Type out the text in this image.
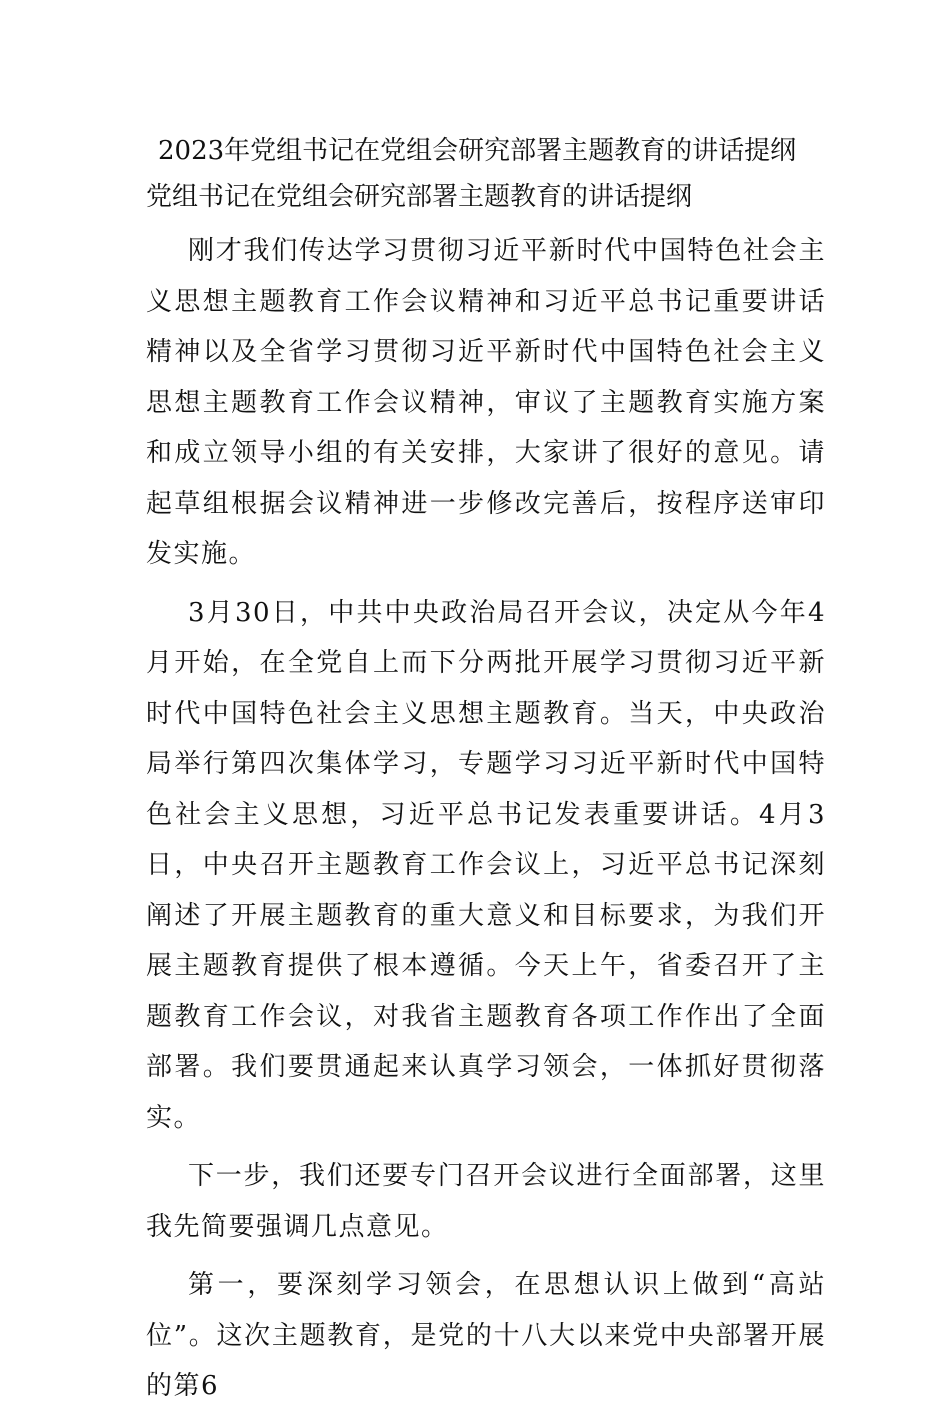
2023年党组书记在党组会研究部署主题教育的讲话提纲
党组书记在党组会研究部署主题教育的讲话提纲

刚才我们传达学习贯彻习近平新时代中国特色社会主义思想主题教育工作会议精神和习近平总书记重要讲话精神以及全省学习贯彻习近平新时代中国特色社会主义思想主题教育工作会议精神，审议了主题教育实施方案和成立领导小组的有关安排，大家讲了很好的意见。请起草组根据会议精神进一步修改完善后，按程序送审印发实施。

3月30日，中共中央政治局召开会议，决定从今年4月开始，在全党自上而下分两批开展学习贯彻习近平新时代中国特色社会主义思想主题教育。当天，中央政治局举行第四次集体学习，专题学习习近平新时代中国特色社会主义思想，习近平总书记发表重要讲话。4月3日，中央召开主题教育工作会议上，习近平总书记深刻阐述了开展主题教育的重大意义和目标要求，为我们开展主题教育提供了根本遵循。今天上午，省委召开了主题教育工作会议，对我省主题教育各项工作作出了全面部署。我们要贯通起来认真学习领会，一体抓好贯彻落实。

下一步，我们还要专门召开会议进行全面部署，这里我先简要强调几点意见。

第一，要深刻学习领会，在思想认识上做到“高站位”。这次主题教育，是党的十八大以来党中央部署开展的第6
